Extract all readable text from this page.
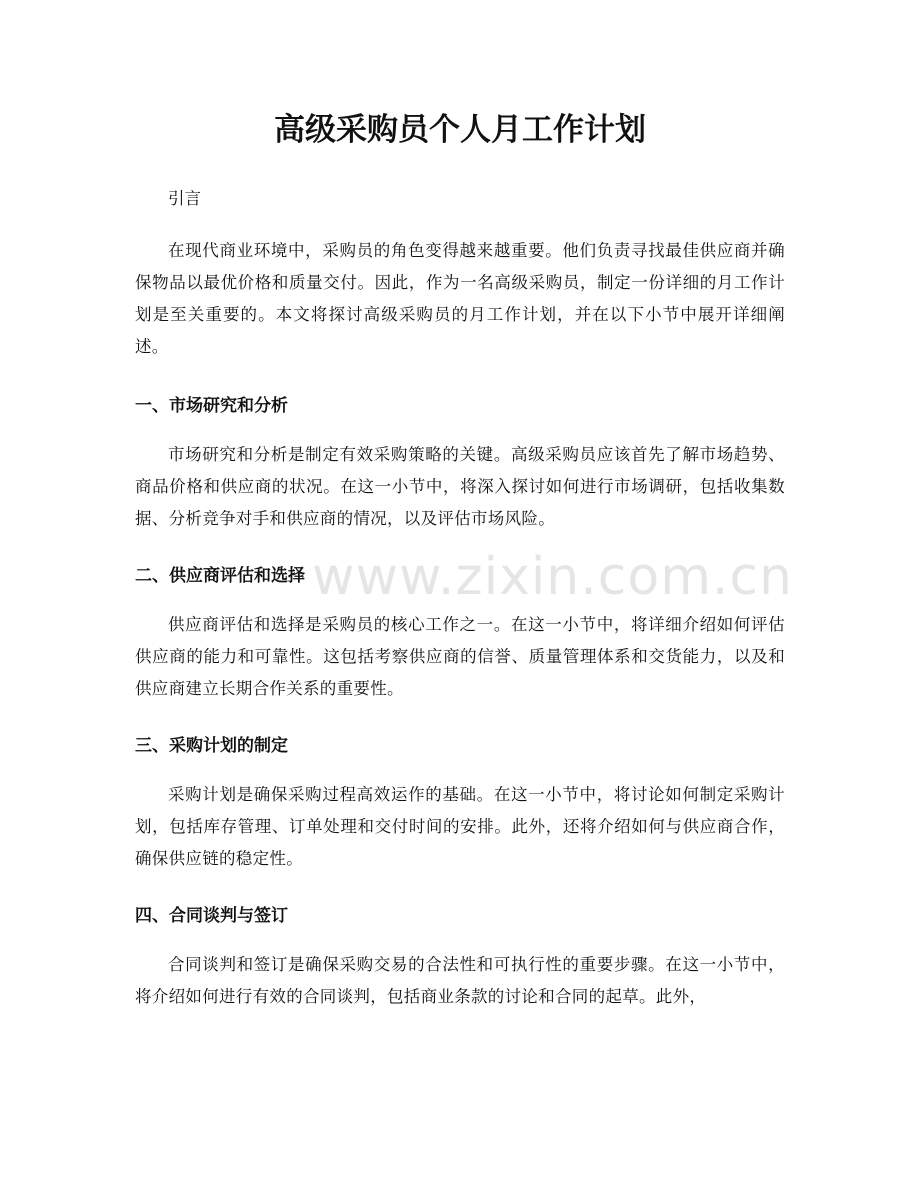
高级采购员个人月工作计划

引言

在现代商业环境中，采购员的角色变得越来越重要。他们负责寻找最佳供应商并确保物品以最优价格和质量交付。因此，作为一名高级采购员，制定一份详细的月工作计划是至关重要的。本文将探讨高级采购员的月工作计划，并在以下小节中展开详细阐述。

一、市场研究和分析

市场研究和分析是制定有效采购策略的关键。高级采购员应该首先了解市场趋势、商品价格和供应商的状况。在这一小节中，将深入探讨如何进行市场调研，包括收集数据、分析竞争对手和供应商的情况，以及评估市场风险。

二、供应商评估和选择

供应商评估和选择是采购员的核心工作之一。在这一小节中，将详细介绍如何评估供应商的能力和可靠性。这包括考察供应商的信誉、质量管理体系和交货能力，以及和供应商建立长期合作关系的重要性。

三、采购计划的制定

采购计划是确保采购过程高效运作的基础。在这一小节中，将讨论如何制定采购计划，包括库存管理、订单处理和交付时间的安排。此外，还将介绍如何与供应商合作，确保供应链的稳定性。

四、合同谈判与签订

合同谈判和签订是确保采购交易的合法性和可执行性的重要步骤。在这一小节中，将介绍如何进行有效的合同谈判，包括商业条款的讨论和合同的起草。此外，

www.zixin.com.cn
